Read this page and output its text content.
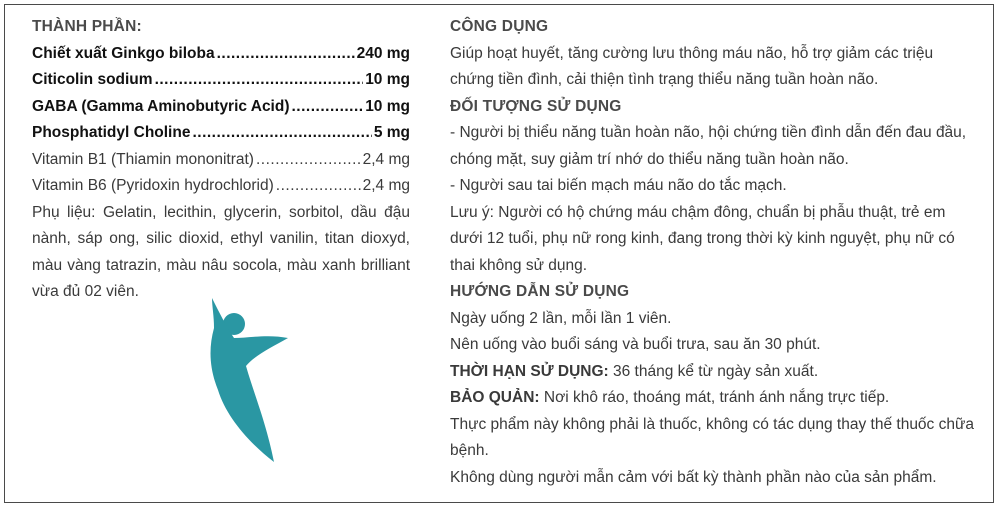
THÀNH PHẦN:
Chiết xuất Ginkgo biloba .....	240 mg
Citicolin sodium .....	10 mg
GABA (Gamma Aminobutyric Acid) .....	10 mg
Phosphatidyl Choline .....	5 mg
Vitamin B1 (Thiamin mononitrat) .....	2,4 mg
Vitamin B6 (Pyridoxin hydrochlorid) .....	2,4 mg
Phụ liệu: Gelatin, lecithin, glycerin, sorbitol, dầu đậu nành, sáp ong, silic dioxid, ethyl vanilin, titan dioxyd, màu vàng tatrazin, màu nâu socola, màu xanh brilliant vừa đủ 02 viên.
CÔNG DỤNG

Giúp hoạt huyết, tăng cường lưu thông máu não, hỗ trợ giảm các triệu chứng tiền đình, cải thiện tình trạng thiểu năng tuần hoàn não.

ĐỐI TƯỢNG SỬ DỤNG

- Người bị thiểu năng tuần hoàn não, hội chứng tiền đình dẫn đến đau đầu, chóng mặt, suy giảm trí nhớ do thiểu năng tuần hoàn não.

- Người sau tai biến mạch máu não do tắc mạch.

Lưu ý: Người có hộ chứng máu chậm đông, chuẩn bị phẫu thuật, trẻ em dưới 12 tuổi, phụ nữ rong kinh, đang trong thời kỳ kinh nguyệt, phụ nữ có thai không sử dụng.

HƯỚNG DẪN SỬ DỤNG

Ngày uống 2 lần, mỗi lần 1 viên.

Nên uống vào buổi sáng và buổi trưa, sau ăn 30 phút.

THỜI HẠN SỬ DỤNG: 36 tháng kể từ ngày sản xuất.

BẢO QUẢN: Nơi khô ráo, thoáng mát, tránh ánh nắng trực tiếp.

Thực phẩm này không phải là thuốc, không có tác dụng thay thế thuốc chữa bệnh.

Không dùng người mẫn cảm với bất kỳ thành phần nào của sản phẩm.
